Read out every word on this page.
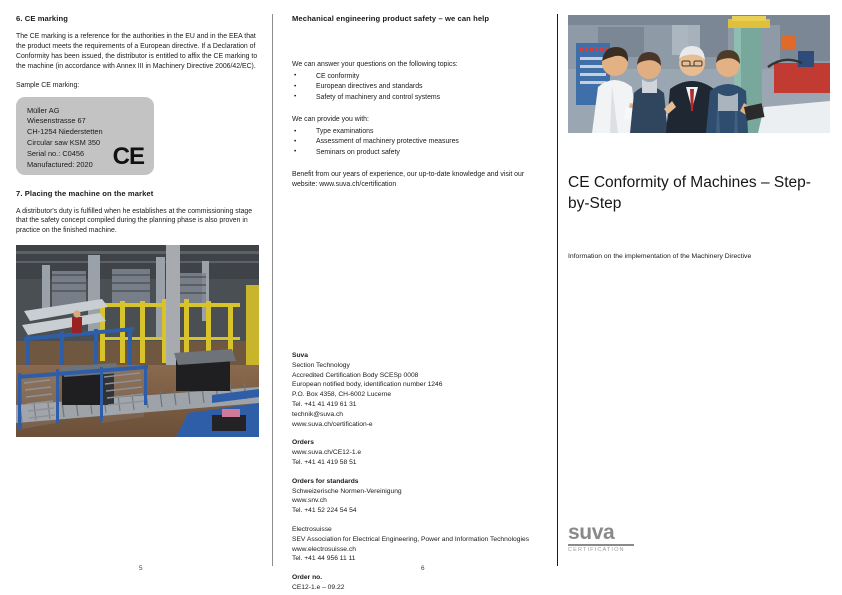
6. CE marking

The CE marking is a reference for the authorities in the EU and in the EEA that the product meets the requirements of a European directive. If a Declaration of Conformity has been issued, the distributor is entitled to affix the CE marking to the machine (in accordance with Annex III in Machinery Directive 2006/42/EC).

Sample CE marking:

Müller AG
Wiesenstrasse 67
CH-1254 Niederstetten
Circular saw KSM 350
Serial no.: C0456
Manufactured: 2020 CE
7. Placing the machine on the market

A distributor's duty is fulfilled when he establishes at the commissioning stage that the safety concept compiled during the planning phase is also proven in practice on the finished machine.

Mechanical engineering product safety – we can help

We can answer your questions on the following topics:

• CE conformity
• European directives and standards
• Safety of machinery and control systems

We can provide you with:

• Type examinations
• Assessment of machinery protective measures
• Seminars on product safety

Benefit from our years of experience, our up-to-date knowledge and visit our website: www.suva.ch/certification

Suva
Section Technology
Accredited Certification Body SCESp 0008
European notified body, identification number 1246
P.O. Box 4358, CH-6002 Lucerne
Tel. +41 41 419 61 31
technik@suva.ch
www.suva.ch/certification-e
Orders
www.suva.ch/CE12-1.e
Tel. +41 41 419 58 51
Orders for standards
Schweizerische Normen-Vereinigung
www.snv.ch
Tel. +41 52 224 54 54
Electrosuisse
SEV Association for Electrical Engineering, Power and Information Technologies
www.electrosuisse.ch
Tel. +41 44 956 11 11
Order no.
CE12-1.e – 09.22
CE Conformity of Machines – Step-by-Step

Information on the implementation of the Machinery Directive

suva
CERTIFICATION
5	6
